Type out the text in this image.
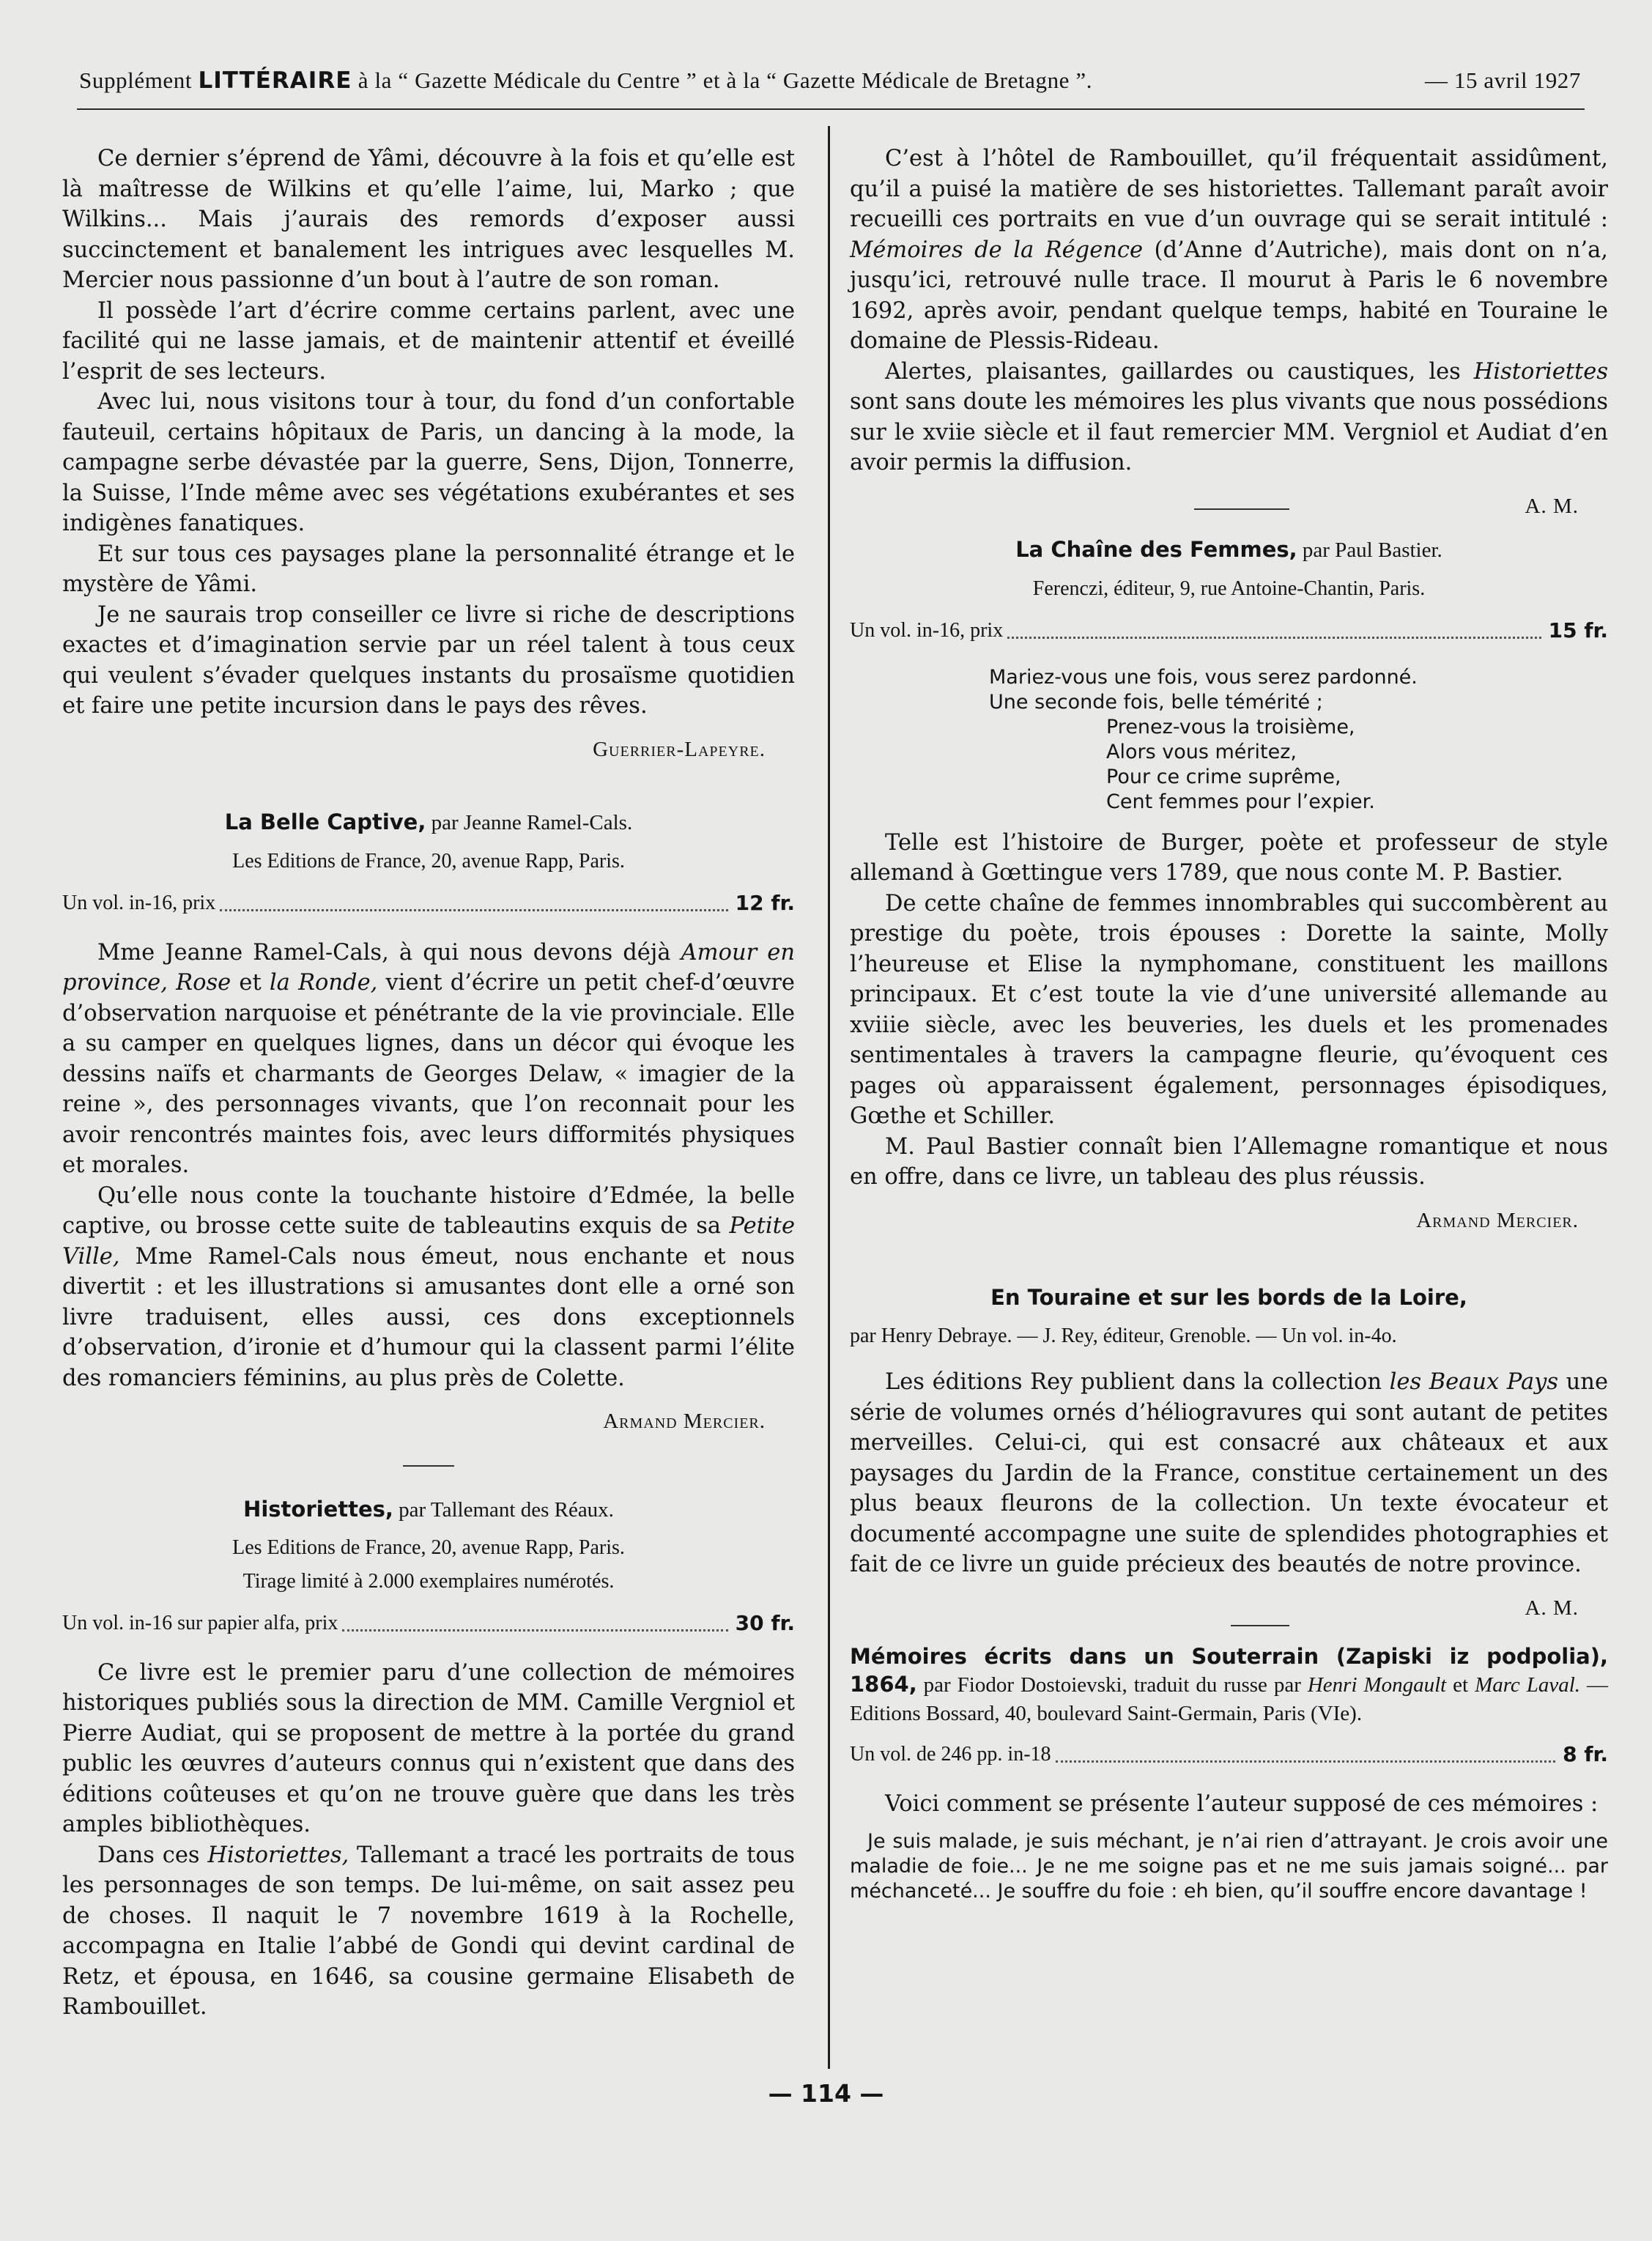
Supplément LITTÉRAIRE à la “ Gazette Médicale du Centre ” et à la “ Gazette Médicale de Bretagne ”.	— 15 avril 1927

Ce dernier s’éprend de Yâmi, découvre à la fois et qu’elle est là maîtresse de Wilkins et qu’elle l’aime, lui, Marko ; que Wilkins... Mais j’aurais des remords d’exposer aussi succinctement et banalement les intrigues avec lesquelles M. Mercier nous passionne d’un bout à l’autre de son roman.

Il possède l’art d’écrire comme certains parlent, avec une facilité qui ne lasse jamais, et de maintenir attentif et éveillé l’esprit de ses lecteurs.

Avec lui, nous visitons tour à tour, du fond d’un confortable fauteuil, certains hôpitaux de Paris, un dancing à la mode, la campagne serbe dévastée par la guerre, Sens, Dijon, Tonnerre, la Suisse, l’Inde même avec ses végétations exubérantes et ses indigènes fanatiques.

Et sur tous ces paysages plane la personnalité étrange et le mystère de Yâmi.

Je ne saurais trop conseiller ce livre si riche de descriptions exactes et d’imagination servie par un réel talent à tous ceux qui veulent s’évader quelques instants du prosaïsme quotidien et faire une petite incursion dans le pays des rêves.

Guerrier-Lapeyre.
La Belle Captive, par Jeanne Ramel-Cals.
Les Editions de France, 20, avenue Rapp, Paris.
Un vol. in-16, prix	12 fr.

Mme Jeanne Ramel-Cals, à qui nous devons déjà Amour en province, Rose et la Ronde, vient d’écrire un petit chef-d’œuvre d’observation narquoise et pénétrante de la vie provinciale. Elle a su camper en quelques lignes, dans un décor qui évoque les dessins naïfs et charmants de Georges Delaw, « imagier de la reine », des personnages vivants, que l’on reconnait pour les avoir rencontrés maintes fois, avec leurs difformités physiques et morales.

Qu’elle nous conte la touchante histoire d’Edmée, la belle captive, ou brosse cette suite de tableautins exquis de sa Petite Ville, Mme Ramel-Cals nous émeut, nous enchante et nous divertit : et les illustrations si amusantes dont elle a orné son livre traduisent, elles aussi, ces dons exceptionnels d’observation, d’ironie et d’humour qui la classent parmi l’élite des romanciers féminins, au plus près de Colette.

Armand Mercier.
Historiettes, par Tallemant des Réaux.
Les Editions de France, 20, avenue Rapp, Paris.
Tirage limité à 2.000 exemplaires numérotés.
Un vol. in-16 sur papier alfa, prix	30 fr.

Ce livre est le premier paru d’une collection de mémoires historiques publiés sous la direction de MM. Camille Vergniol et Pierre Audiat, qui se proposent de mettre à la portée du grand public les œuvres d’auteurs connus qui n’existent que dans des éditions coûteuses et qu’on ne trouve guère que dans les très amples bibliothèques.

Dans ces Historiettes, Tallemant a tracé les portraits de tous les personnages de son temps. De lui-même, on sait assez peu de choses. Il naquit le 7 novembre 1619 à la Rochelle, accompagna en Italie l’abbé de Gondi qui devint cardinal de Retz, et épousa, en 1646, sa cousine germaine Elisabeth de Rambouillet.

C’est à l’hôtel de Rambouillet, qu’il fréquentait assidûment, qu’il a puisé la matière de ses historiettes. Tallemant paraît avoir recueilli ces portraits en vue d’un ouvrage qui se serait intitulé : Mémoires de la Régence (d’Anne d’Autriche), mais dont on n’a, jusqu’ici, retrouvé nulle trace. Il mourut à Paris le 6 novembre 1692, après avoir, pendant quelque temps, habité en Touraine le domaine de Plessis-Rideau.

Alertes, plaisantes, gaillardes ou caustiques, les Historiettes sont sans doute les mémoires les plus vivants que nous possédions sur le xviie siècle et il faut remercier MM. Vergniol et Audiat d’en avoir permis la diffusion.

A. M.
La Chaîne des Femmes, par Paul Bastier.
Ferenczi, éditeur, 9, rue Antoine-Chantin, Paris.
Un vol. in-16, prix	15 fr.
Mariez-vous une fois, vous serez pardonné.
Une seconde fois, belle témérité ;
Prenez-vous la troisième,
Alors vous méritez,
Pour ce crime suprême,
Cent femmes pour l’expier.

Telle est l’histoire de Burger, poète et professeur de style allemand à Gœttingue vers 1789, que nous conte M. P. Bastier.

De cette chaîne de femmes innombrables qui succombèrent au prestige du poète, trois épouses : Dorette la sainte, Molly l’heureuse et Elise la nymphomane, constituent les maillons principaux. Et c’est toute la vie d’une université allemande au xviiie siècle, avec les beuveries, les duels et les promenades sentimentales à travers la campagne fleurie, qu’évoquent ces pages où apparaissent également, personnages épisodiques, Gœthe et Schiller.

M. Paul Bastier connaît bien l’Allemagne romantique et nous en offre, dans ce livre, un tableau des plus réussis.

Armand Mercier.
En Touraine et sur les bords de la Loire,
par Henry Debraye. — J. Rey, éditeur, Grenoble. — Un vol. in-4o.

Les éditions Rey publient dans la collection les Beaux Pays une série de volumes ornés d’héliogravures qui sont autant de petites merveilles. Celui-ci, qui est consacré aux châteaux et aux paysages du Jardin de la France, constitue certainement un des plus beaux fleurons de la collection. Un texte évocateur et documenté accompagne une suite de splendides photographies et fait de ce livre un guide précieux des beautés de notre province.

A. M.
Mémoires écrits dans un Souterrain (Zapiski iz podpolia), 1864, par Fiodor Dostoievski, traduit du russe par Henri Mongault et Marc Laval. — Editions Bossard, 40, boulevard Saint-Germain, Paris (VIe).
Un vol. de 246 pp. in-18	8 fr.

Voici comment se présente l’auteur supposé de ces mémoires :

Je suis malade, je suis méchant, je n’ai rien d’attrayant. Je crois avoir une maladie de foie... Je ne me soigne pas et ne me suis jamais soigné... par méchanceté... Je souffre du foie : eh bien, qu’il souffre encore davantage !
— 114 —
